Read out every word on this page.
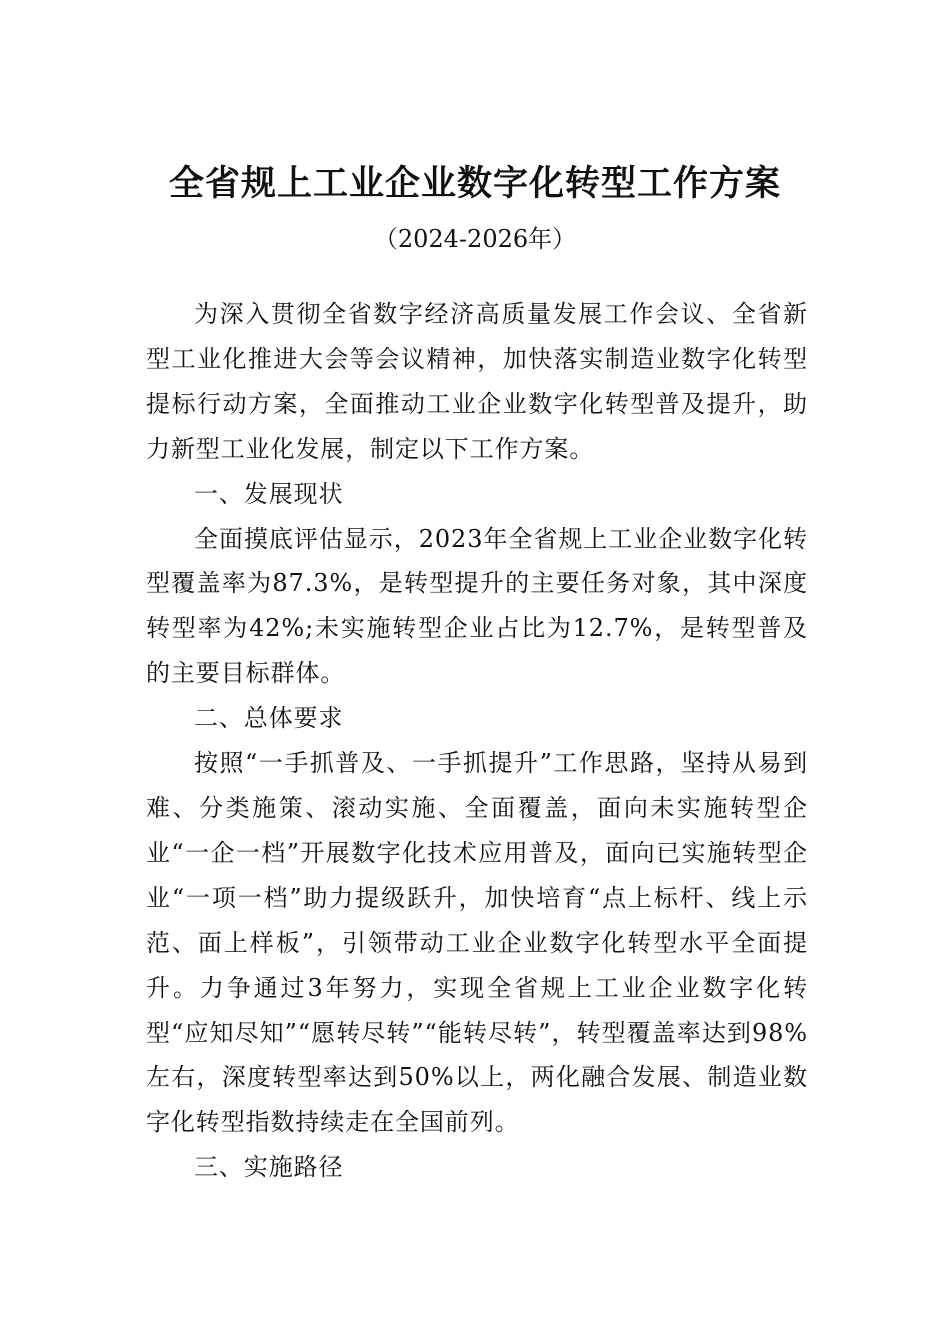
全省规上工业企业数字化转型工作方案
（2024-2026年）

为深入贯彻全省数字经济高质量发展工作会议、全省新型工业化推进大会等会议精神，加快落实制造业数字化转型提标行动方案，全面推动工业企业数字化转型普及提升，助力新型工业化发展，制定以下工作方案。

一、发展现状

全面摸底评估显示，2023年全省规上工业企业数字化转型覆盖率为87.3%，是转型提升的主要任务对象，其中深度转型率为42%;未实施转型企业占比为12.7%，是转型普及的主要目标群体。

二、总体要求

按照“一手抓普及、一手抓提升”工作思路，坚持从易到难、分类施策、滚动实施、全面覆盖，面向未实施转型企业“一企一档”开展数字化技术应用普及，面向已实施转型企业“一项一档”助力提级跃升，加快培育“点上标杆、线上示范、面上样板”，引领带动工业企业数字化转型水平全面提升。力争通过3年努力，实现全省规上工业企业数字化转型“应知尽知”“愿转尽转”“能转尽转”，转型覆盖率达到98%左右，深度转型率达到50%以上，两化融合发展、制造业数字化转型指数持续走在全国前列。

三、实施路径
